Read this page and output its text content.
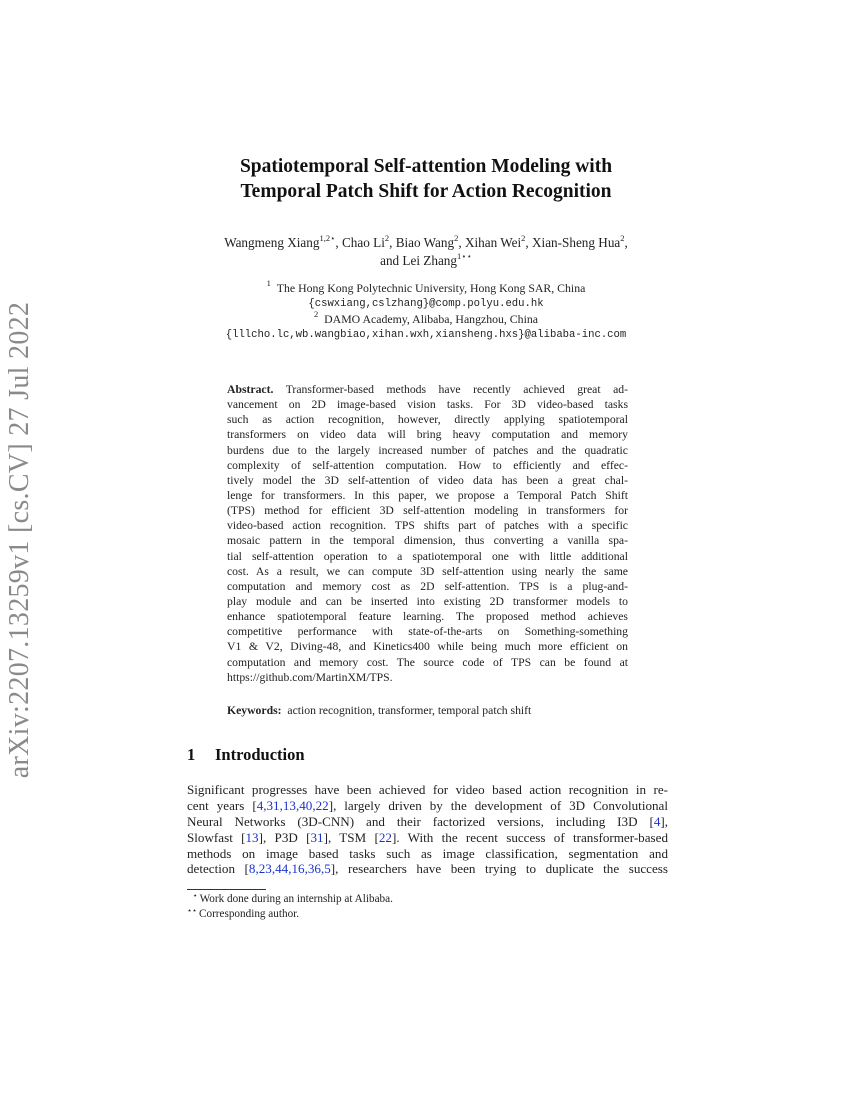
arXiv:2207.13259v1 [cs.CV] 27 Jul 2022
Spatiotemporal Self-attention Modeling with
Temporal Patch Shift for Action Recognition
Wangmeng Xiang$^{1,2⋆}$, Chao Li$^2$, Biao Wang$^2$, Xihan Wei$^2$, Xian-Sheng Hua$^2$,
and Lei Zhang$^{1⋆⋆}$
$^1$ The Hong Kong Polytechnic University, Hong Kong SAR, China
{cswxiang,cslzhang}@comp.polyu.edu.hk
$^2$ DAMO Academy, Alibaba, Hangzhou, China
{lllcho.lc,wb.wangbiao,xihan.wxh,xiansheng.hxs}@alibaba-inc.com
Abstract. Transformer-based methods have recently achieved great ad-
vancement on 2D image-based vision tasks. For 3D video-based tasks
such as action recognition, however, directly applying spatiotemporal
transformers on video data will bring heavy computation and memory
burdens due to the largely increased number of patches and the quadratic
complexity of self-attention computation. How to efficiently and effec-
tively model the 3D self-attention of video data has been a great chal-
lenge for transformers. In this paper, we propose a Temporal Patch Shift
(TPS) method for efficient 3D self-attention modeling in transformers for
video-based action recognition. TPS shifts part of patches with a specific
mosaic pattern in the temporal dimension, thus converting a vanilla spa-
tial self-attention operation to a spatiotemporal one with little additional
cost. As a result, we can compute 3D self-attention using nearly the same
computation and memory cost as 2D self-attention. TPS is a plug-and-
play module and can be inserted into existing 2D transformer models to
enhance spatiotemporal feature learning. The proposed method achieves
competitive performance with state-of-the-arts on Something-something
V1 & V2, Diving-48, and Kinetics400 while being much more efficient on
computation and memory cost. The source code of TPS can be found at
https://github.com/MartinXM/TPS.
Keywords: action recognition, transformer, temporal patch shift
1 Introduction
Significant progresses have been achieved for video based action recognition in re-
cent years [4,31,13,40,22], largely driven by the development of 3D Convolutional
Neural Networks (3D-CNN) and their factorized versions, including I3D [4],
Slowfast [13], P3D [31], TSM [22]. With the recent success of transformer-based
methods on image based tasks such as image classification, segmentation and
detection [8,23,44,16,36,5], researchers have been trying to duplicate the success
⋆ Work done during an internship at Alibaba.
⋆⋆ Corresponding author.
